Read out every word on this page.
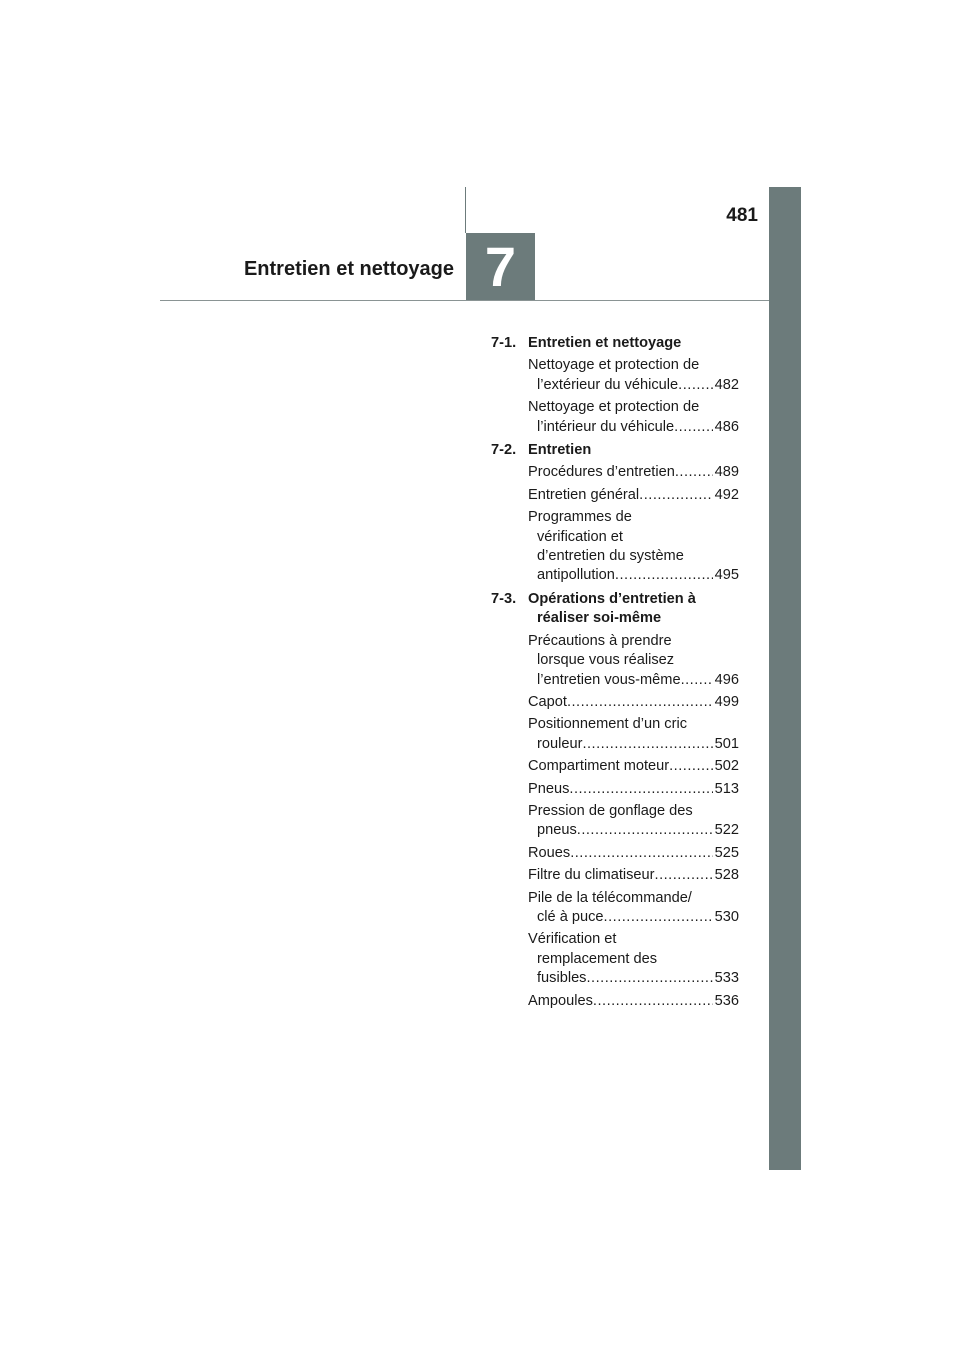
481
Entretien et nettoyage 7
7-1. Entretien et nettoyage
Nettoyage et protection de
l’extérieur du véhicule ..... 482
Nettoyage et protection de
l’intérieur du véhicule .....	486
7-2. Entretien
Procédures d’entretien .....	489
Entretien général .....	492
Programmes de
vérification et
d’entretien du système
antipollution .....	495
7-3. Opérations d’entretien à
réaliser soi-même
Précautions à prendre
lorsque vous réalisez
l’entretien vous-même ..... 496
Capot .....	499
Positionnement d’un cric
rouleur .....	501
Compartiment moteur .....	502
Pneus .....	513
Pression de gonflage des
pneus .....	522
Roues .....	525
Filtre du climatiseur .....	528
Pile de la télécommande/
clé à puce .....	530
Vérification et
remplacement des
fusibles .....	533
Ampoules .....	536
